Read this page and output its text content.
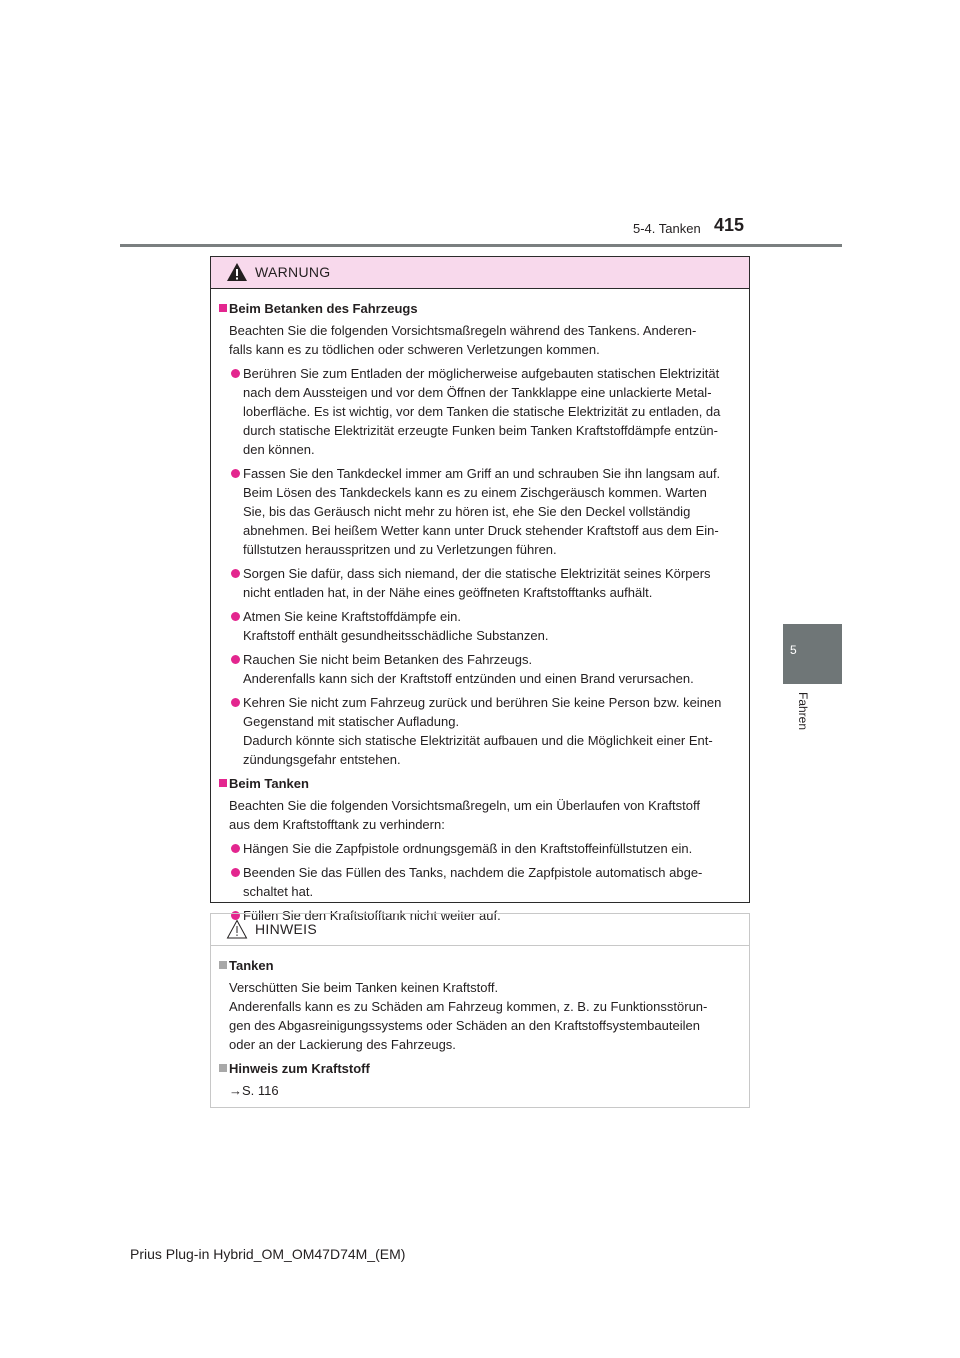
5-4. Tanken 415
5
Fahren
WARNUNG
Beim Betanken des Fahrzeugs
Beachten Sie die folgenden Vorsichtsmaßregeln während des Tankens. Anderen-
falls kann es zu tödlichen oder schweren Verletzungen kommen.
Berühren Sie zum Entladen der möglicherweise aufgebauten statischen Elektrizität
nach dem Aussteigen und vor dem Öffnen der Tankklappe eine unlackierte Metal-
loberfläche. Es ist wichtig, vor dem Tanken die statische Elektrizität zu entladen, da
durch statische Elektrizität erzeugte Funken beim Tanken Kraftstoffdämpfe entzün-
den können.
Fassen Sie den Tankdeckel immer am Griff an und schrauben Sie ihn langsam auf.
Beim Lösen des Tankdeckels kann es zu einem Zischgeräusch kommen. Warten
Sie, bis das Geräusch nicht mehr zu hören ist, ehe Sie den Deckel vollständig
abnehmen. Bei heißem Wetter kann unter Druck stehender Kraftstoff aus dem Ein-
füllstutzen herausspritzen und zu Verletzungen führen.
Sorgen Sie dafür, dass sich niemand, der die statische Elektrizität seines Körpers
nicht entladen hat, in der Nähe eines geöffneten Kraftstofftanks aufhält.
Atmen Sie keine Kraftstoffdämpfe ein.
Kraftstoff enthält gesundheitsschädliche Substanzen.
Rauchen Sie nicht beim Betanken des Fahrzeugs.
Anderenfalls kann sich der Kraftstoff entzünden und einen Brand verursachen.
Kehren Sie nicht zum Fahrzeug zurück und berühren Sie keine Person bzw. keinen
Gegenstand mit statischer Aufladung.
Dadurch könnte sich statische Elektrizität aufbauen und die Möglichkeit einer Ent-
zündungsgefahr entstehen.
Beim Tanken
Beachten Sie die folgenden Vorsichtsmaßregeln, um ein Überlaufen von Kraftstoff
aus dem Kraftstofftank zu verhindern:
Hängen Sie die Zapfpistole ordnungsgemäß in den Kraftstoffeinfüllstutzen ein.
Beenden Sie das Füllen des Tanks, nachdem die Zapfpistole automatisch abge-
schaltet hat.
Füllen Sie den Kraftstofftank nicht weiter auf.
HINWEIS
Tanken
Verschütten Sie beim Tanken keinen Kraftstoff.
Anderenfalls kann es zu Schäden am Fahrzeug kommen, z. B. zu Funktionsstörun-
gen des Abgasreinigungssystems oder Schäden an den Kraftstoffsystembauteilen
oder an der Lackierung des Fahrzeugs.
Hinweis zum Kraftstoff
→S. 116
Prius Plug-in Hybrid_OM_OM47D74M_(EM)
